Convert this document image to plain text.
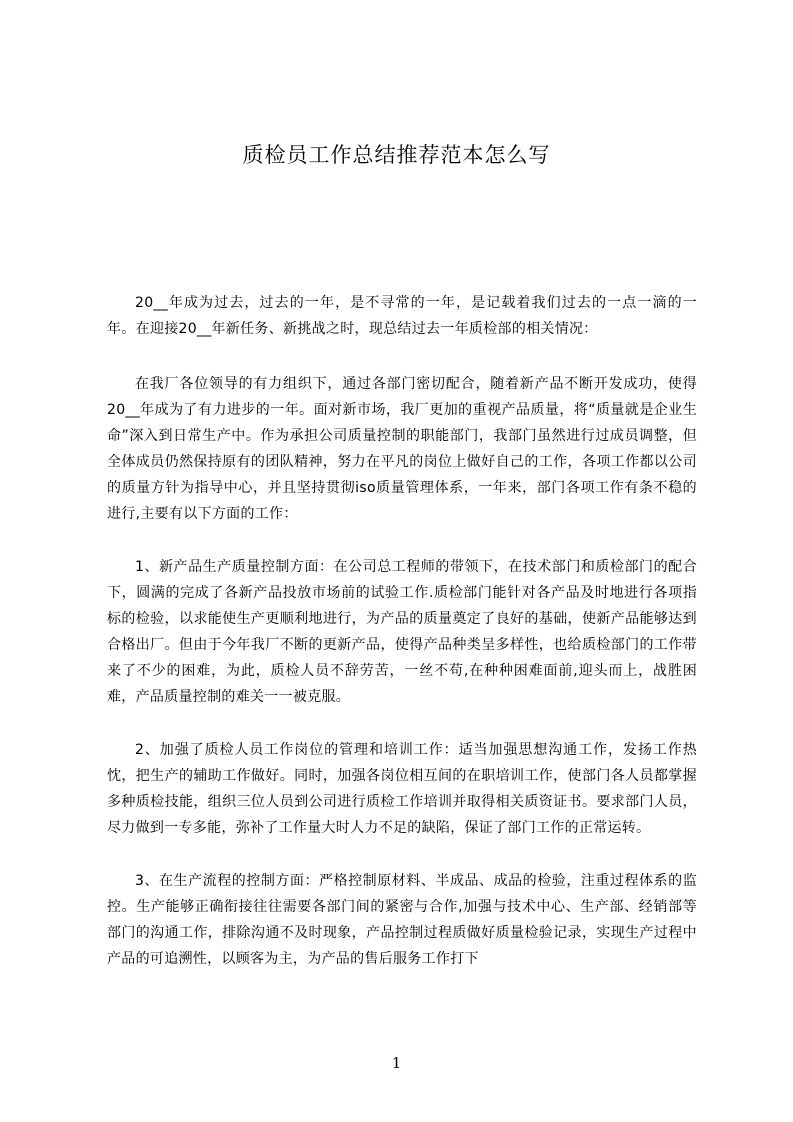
质检员工作总结推荐范本怎么写

20__年成为过去，过去的一年，是不寻常的一年，是记载着我们过去的一点一滴的一年。在迎接20__年新任务、新挑战之时，现总结过去一年质检部的相关情况：

在我厂各位领导的有力组织下，通过各部门密切配合，随着新产品不断开发成功，使得20__年成为了有力进步的一年。面对新市场，我厂更加的重视产品质量，将“质量就是企业生命”深入到日常生产中。作为承担公司质量控制的职能部门，我部门虽然进行过成员调整，但全体成员仍然保持原有的团队精神，努力在平凡的岗位上做好自己的工作，各项工作都以公司的质量方针为指导中心，并且坚持贯彻iso质量管理体系，一年来，部门各项工作有条不稳的进行,主要有以下方面的工作：

1、新产品生产质量控制方面：在公司总工程师的带领下，在技术部门和质检部门的配合下，圆满的完成了各新产品投放市场前的试验工作.质检部门能针对各产品及时地进行各项指标的检验，以求能使生产更顺利地进行，为产品的质量奠定了良好的基础，使新产品能够达到合格出厂。但由于今年我厂不断的更新产品，使得产品种类呈多样性，也给质检部门的工作带来了不少的困难，为此，质检人员不辞劳苦，一丝不苟,在种种困难面前,迎头而上，战胜困难，产品质量控制的难关一一被克服。

2、加强了质检人员工作岗位的管理和培训工作：适当加强思想沟通工作，发扬工作热忱，把生产的辅助工作做好。同时，加强各岗位相互间的在职培训工作，使部门各人员都掌握多种质检技能，组织三位人员到公司进行质检工作培训并取得相关质资证书。要求部门人员，尽力做到一专多能，弥补了工作量大时人力不足的缺陷，保证了部门工作的正常运转。

3、在生产流程的控制方面：严格控制原材料、半成品、成品的检验，注重过程体系的监控。生产能够正确衔接往往需要各部门间的紧密与合作,加强与技术中心、生产部、经销部等部门的沟通工作，排除沟通不及时现象，产品控制过程质做好质量检验记录，实现生产过程中产品的可追溯性，以顾客为主，为产品的售后服务工作打下

1
